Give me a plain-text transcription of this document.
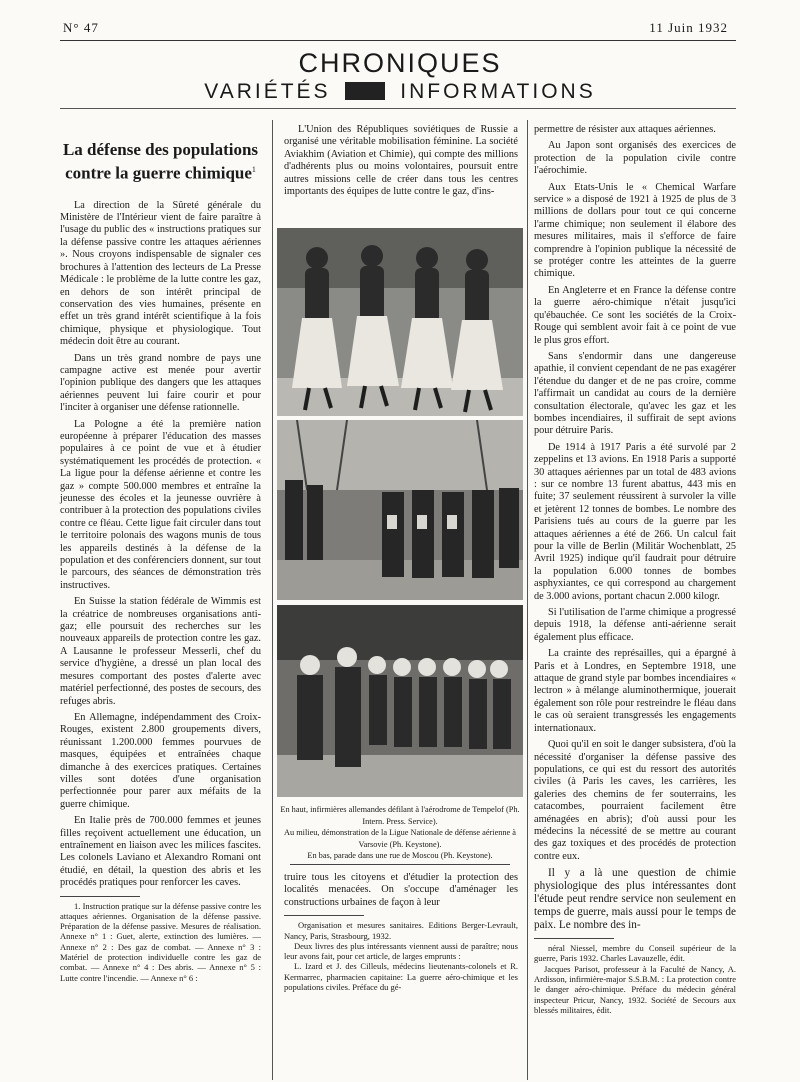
N° 47	11 Juin 1932
CHRONIQUES
VARIÉTÉS	INFORMATIONS
La défense des populations
contre la guerre chimique$^1$

La direction de la Sûreté générale du Ministère de l'Intérieur vient de faire paraître à l'usage du public des « instructions pratiques sur la défense passive contre les attaques aériennes ». Nous croyons indispensable de signaler ces brochures à l'attention des lecteurs de La Presse Médicale : le problème de la lutte contre les gaz, en dehors de son intérêt principal de conservation des vies humaines, présente en effet un très grand intérêt scientifique à la fois chimique, physique et physiologique. Tout médecin doit être au courant.

Dans un très grand nombre de pays une campagne active est menée pour avertir l'opinion publique des dangers que les attaques aériennes peuvent lui faire courir et pour l'inciter à organiser une défense rationnelle.

La Pologne a été la première nation européenne à préparer l'éducation des masses populaires à ce point de vue et à étudier systématiquement les procédés de protection. « La ligue pour la défense aérienne et contre les gaz » compte 500.000 membres et entraîne la jeunesse des écoles et la jeunesse ouvrière à contribuer à la protection des populations civiles contre ce fléau. Cette ligue fait circuler dans tout le territoire polonais des wagons munis de tous les appareils destinés à la défense de la population et des conférenciers donnent, sur tout le parcours, des séances de démonstration très instructives.

En Suisse la station fédérale de Wimmis est la créatrice de nombreuses organisations anti-gaz; elle poursuit des recherches sur les nouveaux appareils de protection contre les gaz. A Lausanne le professeur Messerli, chef du service d'hygiène, a dressé un plan local des mesures comportant des postes d'alerte avec matériel perfectionné, des postes de secours, des refuges abris.

En Allemagne, indépendamment des Croix-Rouges, existent 2.800 groupements divers, réunissant 1.200.000 femmes pourvues de masques, équipées et entraînées chaque dimanche à des exercices pratiques. Certaines villes sont dotées d'une organisation perfectionnée pour parer aux méfaits de la guerre chimique.

En Italie près de 700.000 femmes et jeunes filles reçoivent actuellement une éducation, un entraînement en liaison avec les milices fascites. Les colonels Laviano et Alexandro Romani ont étudié, en détail, la question des abris et les procédés pratiques pour renforcer les caves.

1. Instruction pratique sur la défense passive contre les attaques aériennes. Organisation de la défense passive. Préparation de la défense passive. Mesures de réalisation. Annexe n° 1 : Guet, alerte, extinction des lumières. — Annexe n° 2 : Des gaz de combat. — Annexe n° 3 : Matériel de protection individuelle contre les gaz de combat. — Annexe n° 4 : Des abris. — Annexe n° 5 : Lutte contre l'incendie. — Annexe n° 6 :

L'Union des Républiques soviétiques de Russie a organisé une véritable mobilisation féminine. La société Aviakhim (Aviation et Chimie), qui compte des millions d'adhérents plus ou moins volontaires, poursuit entre autres missions celle de créer dans tous les centres importants des équipes de lutte contre le gaz, d'ins-

En haut, infirmières allemandes défilant à l'aérodrome de Tempelof (Ph. Intern. Press. Service).

Au milieu, démonstration de la Ligue Nationale de défense aérienne à Varsovie (Ph. Keystone).

En bas, parade dans une rue de Moscou (Ph. Keystone).

truire tous les citoyens et d'étudier la protection des localités menacées. On s'occupe d'aménager les constructions urbaines de façon à leur

Organisation et mesures sanitaires. Editions Berger-Levrault, Nancy, Paris, Strasbourg, 1932.

Deux livres des plus intéressants viennent aussi de paraître; nous leur avons fait, pour cet article, de larges emprunts :

L. Izard et J. des Cilleuls, médecins lieutenants-colonels et R. Kermarrec, pharmacien capitaine: La guerre aéro-chimique et les populations civiles. Préface du gé-

permettre de résister aux attaques aériennes.

Au Japon sont organisés des exercices de protection de la population civile contre l'aérochimie.

Aux Etats-Unis le « Chemical Warfare service » a disposé de 1921 à 1925 de plus de 3 millions de dollars pour tout ce qui concerne l'arme chimique; non seulement il élabore des mesures militaires, mais il s'efforce de faire comprendre à l'opinion publique la nécessité de se protéger contre les atteintes de la guerre chimique.

En Angleterre et en France la défense contre la guerre aéro-chimique n'était jusqu'ici qu'ébauchée. Ce sont les sociétés de la Croix-Rouge qui semblent avoir fait à ce point de vue le plus gros effort.

Sans s'endormir dans une dangereuse apathie, il convient cependant de ne pas exagérer l'étendue du danger et de ne pas croire, comme l'affirmait un candidat au cours de la dernière consultation électorale, qu'avec les gaz et les bombes incendiaires, il suffirait de sept avions pour détruire Paris.

De 1914 à 1917 Paris a été survolé par 2 zeppelins et 13 avions. En 1918 Paris a supporté 30 attaques aériennes par un total de 483 avions : sur ce nombre 13 furent abattus, 443 mis en fuite; 37 seulement réussirent à survoler la ville et jetèrent 12 tonnes de bombes. Le nombre des Parisiens tués au cours de la guerre par les attaques aériennes a été de 266. Un calcul fait pour la ville de Berlin (Militär Wochenblatt, 25 Avril 1925) indique qu'il faudrait pour détruire la population 6.000 tonnes de bombes asphyxiantes, ce qui correspond au chargement de 3.000 avions, portant chacun 2.000 kilogr.

Si l'utilisation de l'arme chimique a progressé depuis 1918, la défense anti-aérienne serait également plus efficace.

La crainte des représailles, qui a épargné à Paris et à Londres, en Septembre 1918, une attaque de grand style par bombes incendiaires « lectron » à mélange aluminothermique, jouerait également son rôle pour restreindre le fléau dans le cas où seraient transgressés les engagements internationaux.

Quoi qu'il en soit le danger subsistera, d'où la nécessité d'organiser la défense passive des populations, ce qui est du ressort des autorités civiles (à Paris les caves, les carrières, les galeries des chemins de fer souterrains, les catacombes, pourraient facilement être aménagées en abris); d'où aussi pour les médecins la nécessité de se mettre au courant des gaz toxiques et des procédés de protection contre eux.

Il y a là une question de chimie physiologique des plus intéressantes dont l'étude peut rendre service non seulement en temps de guerre, mais aussi pour le temps de paix. Le nombre des in-

néral Niessel, membre du Conseil supérieur de la guerre, Paris 1932. Charles Lavauzelle, édit.

Jacques Parisot, professeur à la Faculté de Nancy, A. Ardisson, infirmière-major S.S.B.M. : La protection contre le danger aéro-chimique. Préface du médecin général inspecteur Pricur, Nancy, 1932. Société de Secours aux blessés militaires, édit.
